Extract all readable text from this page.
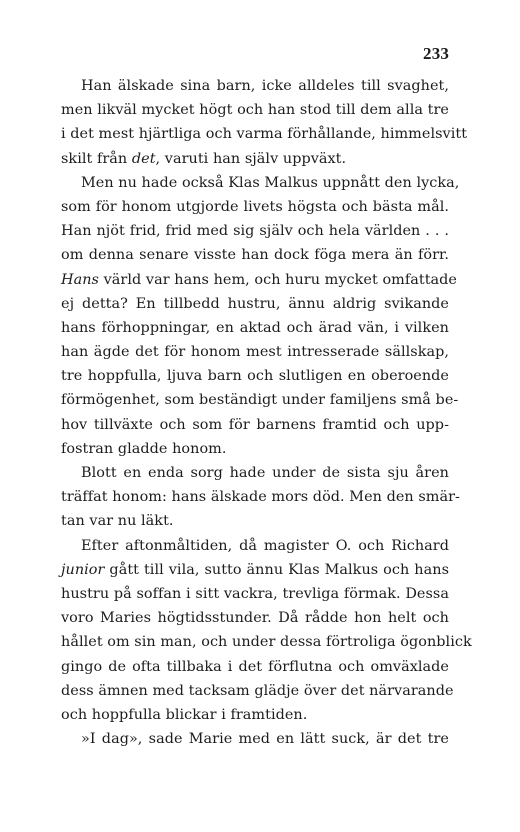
233
Han älskade sina barn, icke alldeles till svaghet,
men likväl mycket högt och han stod till dem alla tre
i det mest hjärtliga och varma förhållande, himmelsvitt
skilt från det, varuti han själv uppväxt.
Men nu hade också Klas Malkus uppnått den lycka,
som för honom utgjorde livets högsta och bästa mål.
Han njöt frid, frid med sig själv och hela världen . . .
om denna senare visste han dock föga mera än förr.
Hans värld var hans hem, och huru mycket omfattade
ej detta? En tillbedd hustru, ännu aldrig svikande
hans förhoppningar, en aktad och ärad vän, i vilken
han ägde det för honom mest intresserade sällskap,
tre hoppfulla, ljuva barn och slutligen en oberoende
förmögenhet, som beständigt under familjens små be-
hov tillväxte och som för barnens framtid och upp-
fostran gladde honom.
Blott en enda sorg hade under de sista sju åren
träffat honom: hans älskade mors död. Men den smär-
tan var nu läkt.
Efter aftonmåltiden, då magister O. och Richard
junior gått till vila, sutto ännu Klas Malkus och hans
hustru på soffan i sitt vackra, trevliga förmak. Dessa
voro Maries högtidsstunder. Då rådde hon helt och
hållet om sin man, och under dessa förtroliga ögonblick
gingo de ofta tillbaka i det förflutna och omväxlade
dess ämnen med tacksam glädje över det närvarande
och hoppfulla blickar i framtiden.
»I dag», sade Marie med en lätt suck, är det tre
